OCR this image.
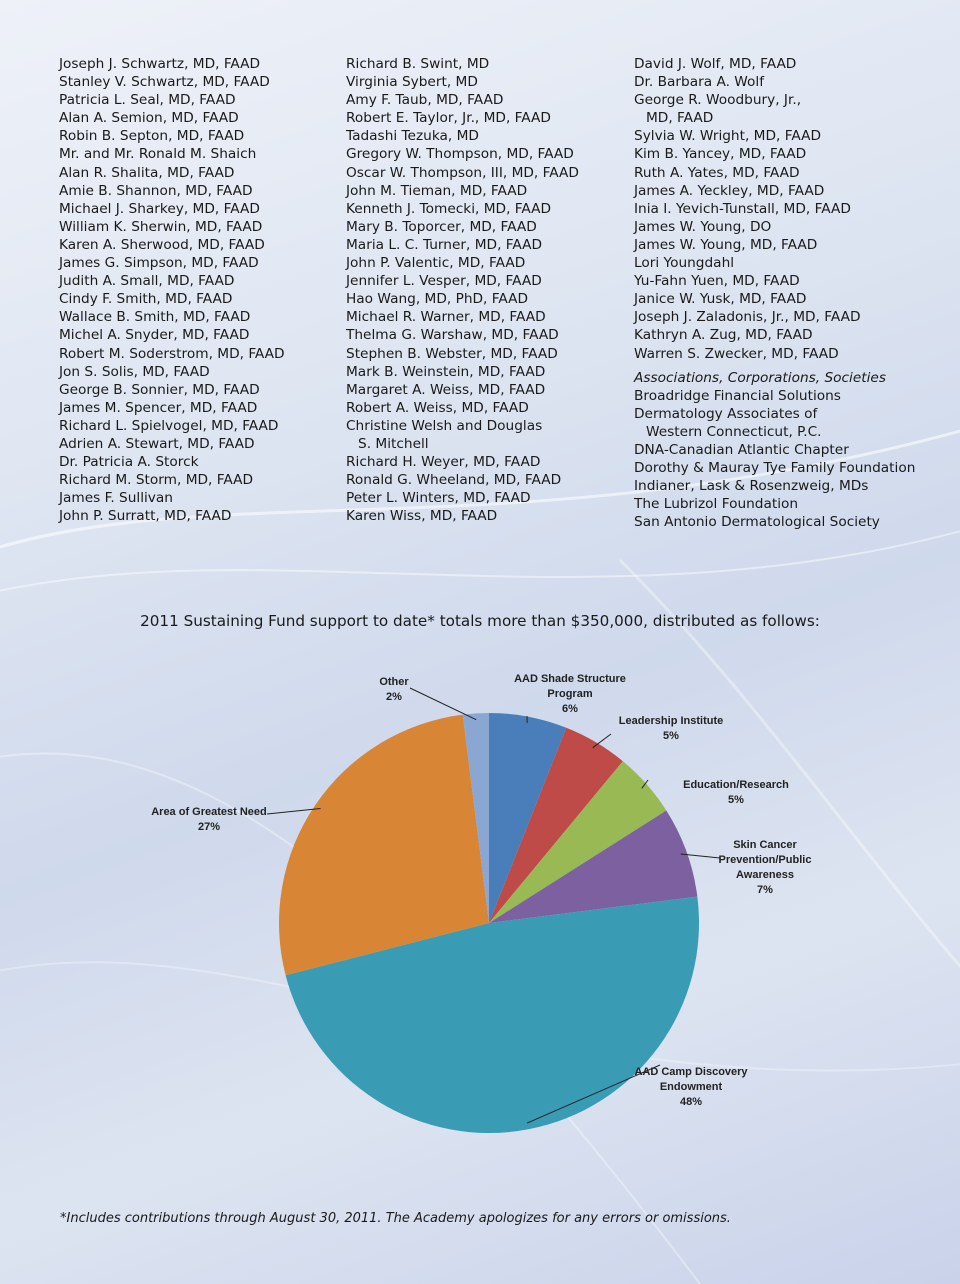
Joseph J. Schwartz, MD, FAAD
Stanley V. Schwartz, MD, FAAD
Patricia L. Seal, MD, FAAD
Alan A. Semion, MD, FAAD
Robin B. Septon, MD, FAAD
Mr. and Mr. Ronald M. Shaich
Alan R. Shalita, MD, FAAD
Amie B. Shannon, MD, FAAD
Michael J. Sharkey, MD, FAAD
William K. Sherwin, MD, FAAD
Karen A. Sherwood, MD, FAAD
James G. Simpson, MD, FAAD
Judith A. Small, MD, FAAD
Cindy F. Smith, MD, FAAD
Wallace B. Smith, MD, FAAD
Michel A. Snyder, MD, FAAD
Robert M. Soderstrom, MD, FAAD
Jon S. Solis, MD, FAAD
George B. Sonnier, MD, FAAD
James M. Spencer, MD, FAAD
Richard L. Spielvogel, MD, FAAD
Adrien A. Stewart, MD, FAAD
Dr. Patricia A. Storck
Richard M. Storm, MD, FAAD
James F. Sullivan
John P. Surratt, MD, FAAD
Richard B. Swint, MD
Virginia Sybert, MD
Amy F. Taub, MD, FAAD
Robert E. Taylor, Jr., MD, FAAD
Tadashi Tezuka, MD
Gregory W. Thompson, MD, FAAD
Oscar W. Thompson, III, MD, FAAD
John M. Tieman, MD, FAAD
Kenneth J. Tomecki, MD, FAAD
Mary B. Toporcer, MD, FAAD
Maria L. C. Turner, MD, FAAD
John P. Valentic, MD, FAAD
Jennifer L. Vesper, MD, FAAD
Hao Wang, MD, PhD, FAAD
Michael R. Warner, MD, FAAD
Thelma G. Warshaw, MD, FAAD
Stephen B. Webster, MD, FAAD
Mark B. Weinstein, MD, FAAD
Margaret A. Weiss, MD, FAAD
Robert A. Weiss, MD, FAAD
Christine Welsh and Douglas
S. Mitchell
Richard H. Weyer, MD, FAAD
Ronald G. Wheeland, MD, FAAD
Peter L. Winters, MD, FAAD
Karen Wiss, MD, FAAD
David J. Wolf, MD, FAAD
Dr. Barbara A. Wolf
George R. Woodbury, Jr.,
MD, FAAD
Sylvia W. Wright, MD, FAAD
Kim B. Yancey, MD, FAAD
Ruth A. Yates, MD, FAAD
James A. Yeckley, MD, FAAD
Inia I. Yevich-Tunstall, MD, FAAD
James W. Young, DO
James W. Young, MD, FAAD
Lori Youngdahl
Yu-Fahn Yuen, MD, FAAD
Janice W. Yusk, MD, FAAD
Joseph J. Zaladonis, Jr., MD, FAAD
Kathryn A. Zug, MD, FAAD
Warren S. Zwecker, MD, FAAD
Associations, Corporations, Societies
Broadridge Financial Solutions
Dermatology Associates of
Western Connecticut, P.C.
DNA-Canadian Atlantic Chapter
Dorothy & Mauray Tye Family Foundation
Indianer, Lask & Rosenzweig, MDs
The Lubrizol Foundation
San Antonio Dermatological Society
2011 Sustaining Fund support to date* totals more than $350,000, distributed as follows:
AAD Shade Structure
Program
6%
Leadership Institute
5%
Education/Research
5%
Skin Cancer
Prevention/Public
Awareness
7%
AAD Camp Discovery
Endowment
48%
Area of Greatest Need
27%
Other
2%
*Includes contributions through August 30, 2011. The Academy apologizes for any errors or omissions.
